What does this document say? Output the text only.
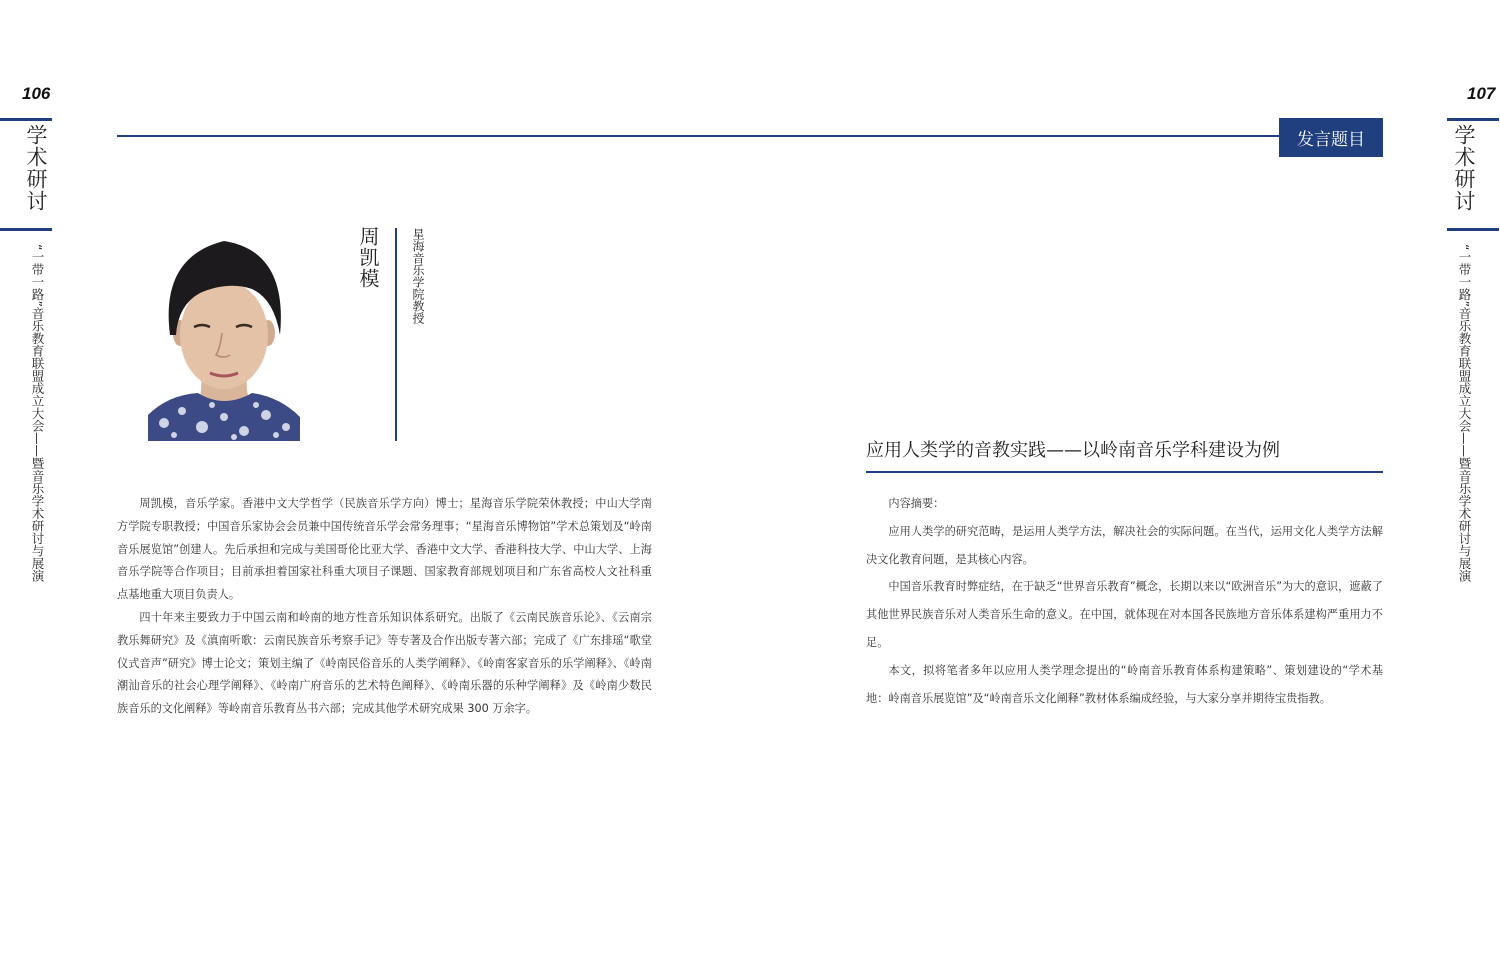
106
学术研讨
“一带一路”音乐教育联盟成立大会——暨音乐学术研讨与展演
107
学术研讨
“一带一路”音乐教育联盟成立大会——暨音乐学术研讨与展演
发言题目
周凯模	星海音乐学院教授

周凯模，音乐学家。香港中文大学哲学（民族音乐学方向）博士；星海音乐学院荣休教授；中山大学南方学院专职教授；中国音乐家协会会员兼中国传统音乐学会常务理事；“星海音乐博物馆”学术总策划及“岭南音乐展览馆”创建人。先后承担和完成与美国哥伦比亚大学、香港中文大学、香港科技大学、中山大学、上海音乐学院等合作项目；目前承担着国家社科重大项目子课题、国家教育部规划项目和广东省高校人文社科重点基地重大项目负责人。

四十年来主要致力于中国云南和岭南的地方性音乐知识体系研究。出版了《云南民族音乐论》、《云南宗教乐舞研究》及《滇南听歌：云南民族音乐考察手记》等专著及合作出版专著六部；完成了《广东排瑶“歌堂仪式音声”研究》博士论文；策划主编了《岭南民俗音乐的人类学阐释》、《岭南客家音乐的乐学阐释》、《岭南潮汕音乐的社会心理学阐释》、《岭南广府音乐的艺术特色阐释》、《岭南乐器的乐种学阐释》及《岭南少数民族音乐的文化阐释》等岭南音乐教育丛书六部；完成其他学术研究成果 300 万余字。

应用人类学的音教实践——以岭南音乐学科建设为例

内容摘要：

应用人类学的研究范畴，是运用人类学方法，解决社会的实际问题。在当代，运用文化人类学方法解决文化教育问题，是其核心内容。

中国音乐教育时弊症结，在于缺乏“世界音乐教育”概念，长期以来以“欧洲音乐”为大的意识，遮蔽了其他世界民族音乐对人类音乐生命的意义。在中国，就体现在对本国各民族地方音乐体系建构严重用力不足。

本文，拟将笔者多年以应用人类学理念提出的“岭南音乐教育体系构建策略”、策划建设的“学术基地：岭南音乐展览馆”及“岭南音乐文化阐释”教材体系编成经验，与大家分享并期待宝贵指教。
